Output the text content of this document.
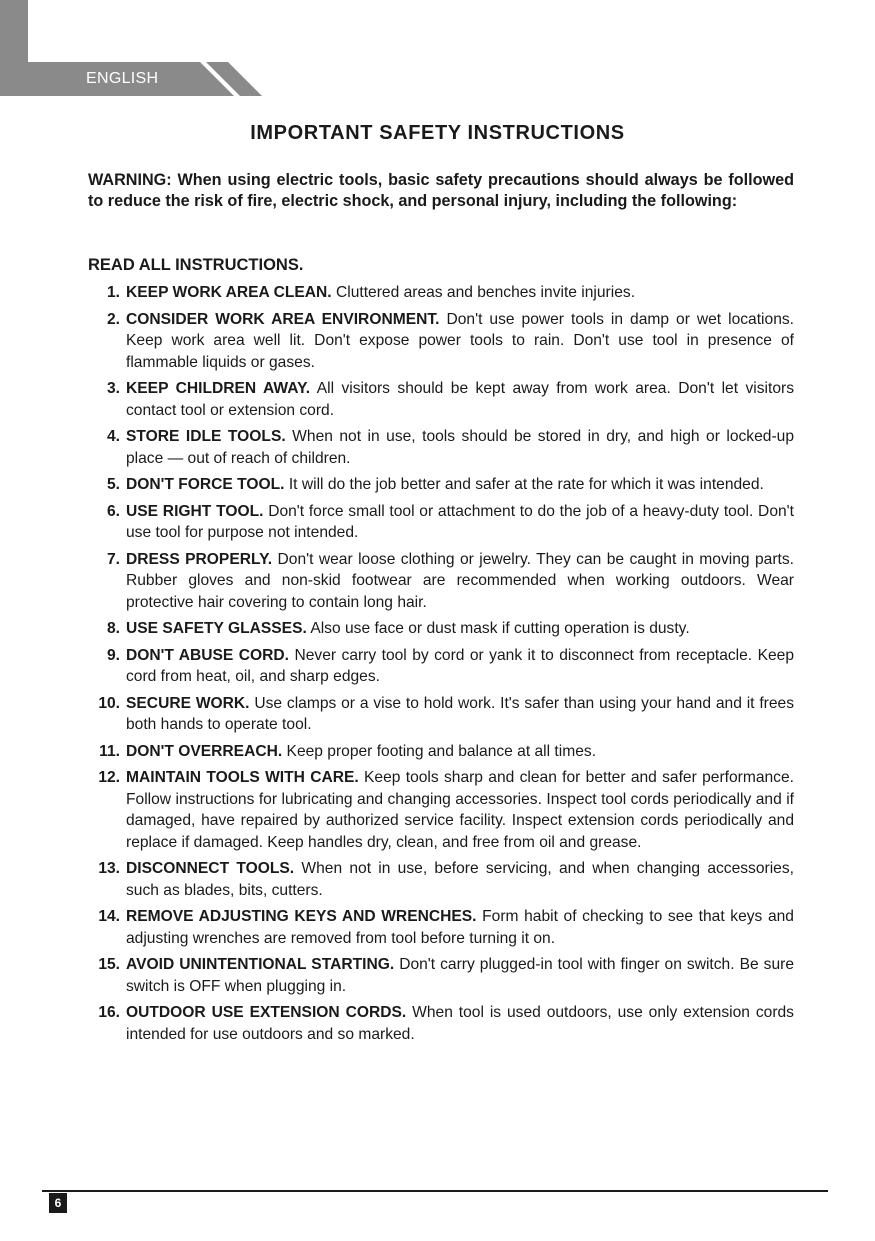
ENGLISH
IMPORTANT SAFETY INSTRUCTIONS
WARNING: When using electric tools, basic safety precautions should always be followed to reduce the risk of fire, electric shock, and personal injury, including the following:
READ ALL INSTRUCTIONS.
1. KEEP WORK AREA CLEAN. Cluttered areas and benches invite injuries.
2. CONSIDER WORK AREA ENVIRONMENT. Don't use power tools in damp or wet locations. Keep work area well lit. Don't expose power tools to rain. Don't use tool in presence of flammable liquids or gases.
3. KEEP CHILDREN AWAY. All visitors should be kept away from work area. Don't let visitors contact tool or extension cord.
4. STORE IDLE TOOLS. When not in use, tools should be stored in dry, and high or locked-up place — out of reach of children.
5. DON'T FORCE TOOL. It will do the job better and safer at the rate for which it was intended.
6. USE RIGHT TOOL. Don't force small tool or attachment to do the job of a heavy-duty tool. Don't use tool for purpose not intended.
7. DRESS PROPERLY. Don't wear loose clothing or jewelry. They can be caught in moving parts. Rubber gloves and non-skid footwear are recommended when working outdoors. Wear protective hair covering to contain long hair.
8. USE SAFETY GLASSES. Also use face or dust mask if cutting operation is dusty.
9. DON'T ABUSE CORD. Never carry tool by cord or yank it to disconnect from receptacle. Keep cord from heat, oil, and sharp edges.
10. SECURE WORK. Use clamps or a vise to hold work. It's safer than using your hand and it frees both hands to operate tool.
11. DON'T OVERREACH. Keep proper footing and balance at all times.
12. MAINTAIN TOOLS WITH CARE. Keep tools sharp and clean for better and safer performance. Follow instructions for lubricating and changing accessories. Inspect tool cords periodically and if damaged, have repaired by authorized service facility. Inspect extension cords periodically and replace if damaged. Keep handles dry, clean, and free from oil and grease.
13. DISCONNECT TOOLS. When not in use, before servicing, and when changing accessories, such as blades, bits, cutters.
14. REMOVE ADJUSTING KEYS AND WRENCHES. Form habit of checking to see that keys and adjusting wrenches are removed from tool before turning it on.
15. AVOID UNINTENTIONAL STARTING. Don't carry plugged-in tool with finger on switch. Be sure switch is OFF when plugging in.
16. OUTDOOR USE EXTENSION CORDS. When tool is used outdoors, use only extension cords intended for use outdoors and so marked.
6
